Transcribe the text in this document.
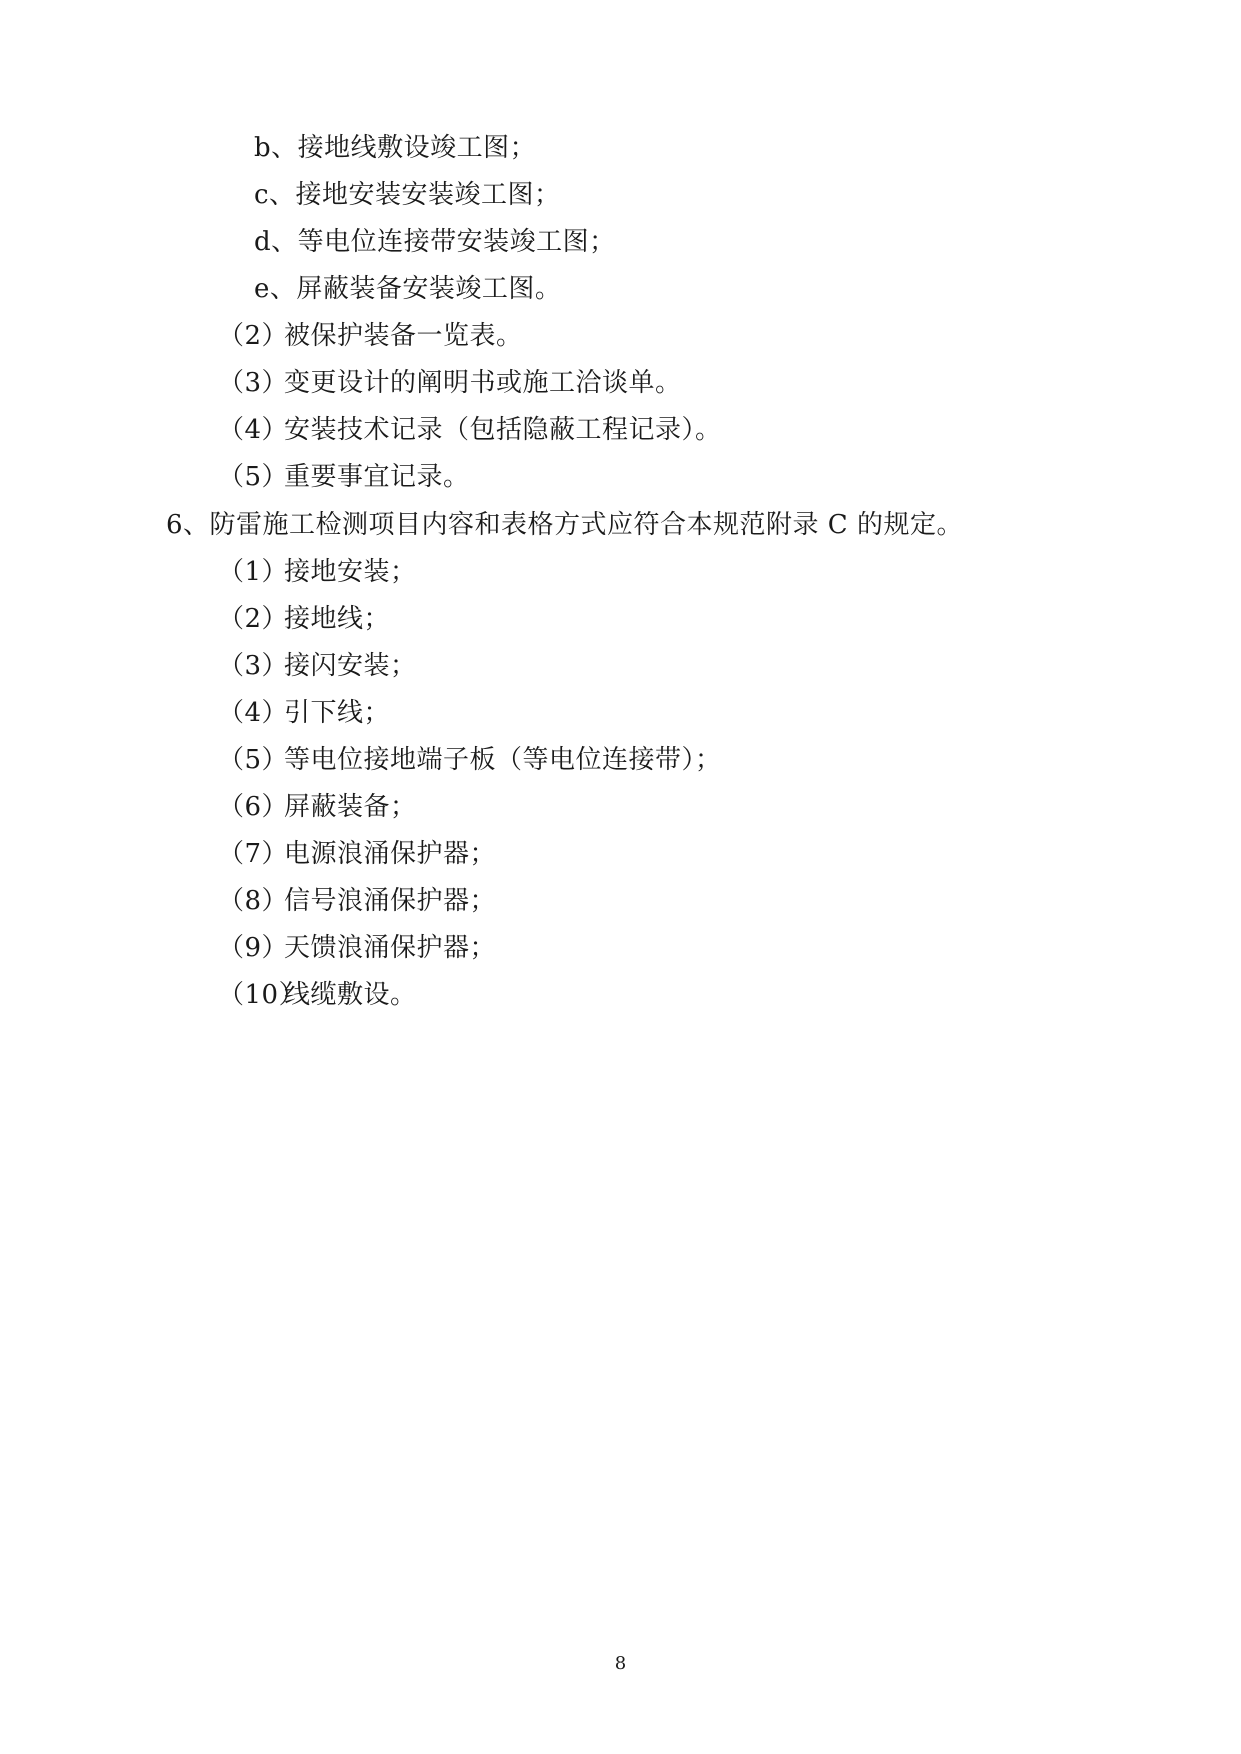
b、接地线敷设竣工图；
c、接地安装安装竣工图；
d、等电位连接带安装竣工图；
e、屏蔽装备安装竣工图。
（2）被保护装备一览表。
（3）变更设计的阐明书或施工洽谈单。
（4）安装技术记录（包括隐蔽工程记录）。
（5）重要事宜记录。
6、防雷施工检测项目内容和表格方式应符合本规范附录 C 的规定。
（1）接地安装；
（2）接地线；
（3）接闪安装；
（4）引下线；
（5）等电位接地端子板（等电位连接带）；
（6）屏蔽装备；
（7）电源浪涌保护器；
（8）信号浪涌保护器；
（9）天馈浪涌保护器；
（10）线缆敷设。
8
